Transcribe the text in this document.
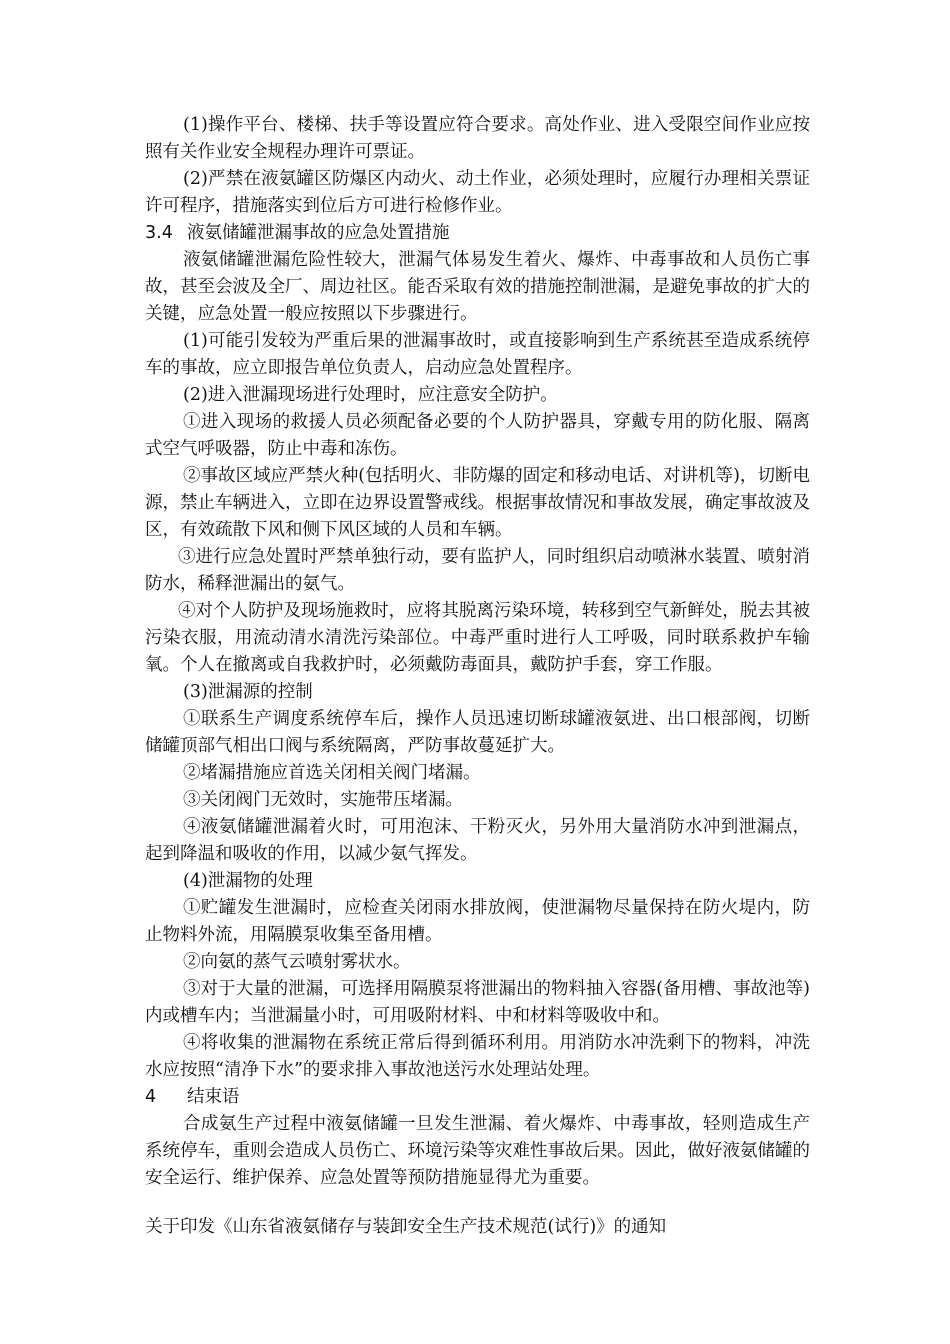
(1)操作平台、楼梯、扶手等设置应符合要求。高处作业、进入受限空间作业应按照有关作业安全规程办理许可票证。

(2)严禁在液氨罐区防爆区内动火、动土作业，必须处理时，应履行办理相关票证许可程序，措施落实到位后方可进行检修作业。

3.4 液氨储罐泄漏事故的应急处置措施

液氨储罐泄漏危险性较大，泄漏气体易发生着火、爆炸、中毒事故和人员伤亡事故，甚至会波及全厂、周边社区。能否采取有效的措施控制泄漏，是避免事故的扩大的关键，应急处置一般应按照以下步骤进行。

(1)可能引发较为严重后果的泄漏事故时，或直接影响到生产系统甚至造成系统停车的事故，应立即报告单位负责人，启动应急处置程序。

(2)进入泄漏现场进行处理时，应注意安全防护。

①进入现场的救援人员必须配备必要的个人防护器具，穿戴专用的防化服、隔离式空气呼吸器，防止中毒和冻伤。

②事故区域应严禁火种(包括明火、非防爆的固定和移动电话、对讲机等)，切断电源，禁止车辆进入，立即在边界设置警戒线。根据事故情况和事故发展，确定事故波及区，有效疏散下风和侧下风区域的人员和车辆。

③进行应急处置时严禁单独行动，要有监护人，同时组织启动喷淋水装置、喷射消防水，稀释泄漏出的氨气。

④对个人防护及现场施救时，应将其脱离污染环境，转移到空气新鲜处，脱去其被污染衣服，用流动清水清洗污染部位。中毒严重时进行人工呼吸，同时联系救护车输氧。个人在撤离或自我救护时，必须戴防毒面具，戴防护手套，穿工作服。

(3)泄漏源的控制

①联系生产调度系统停车后，操作人员迅速切断球罐液氨进、出口根部阀，切断储罐顶部气相出口阀与系统隔离，严防事故蔓延扩大。

②堵漏措施应首选关闭相关阀门堵漏。

③关闭阀门无效时，实施带压堵漏。

④液氨储罐泄漏着火时，可用泡沫、干粉灭火，另外用大量消防水冲到泄漏点，起到降温和吸收的作用，以减少氨气挥发。

(4)泄漏物的处理

①贮罐发生泄漏时，应检查关闭雨水排放阀，使泄漏物尽量保持在防火堤内，防止物料外流，用隔膜泵收集至备用槽。

②向氨的蒸气云喷射雾状水。

③对于大量的泄漏，可选择用隔膜泵将泄漏出的物料抽入容器(备用槽、事故池等)内或槽车内；当泄漏量小时，可用吸附材料、中和材料等吸收中和。

④将收集的泄漏物在系统正常后得到循环利用。用消防水冲洗剩下的物料，冲洗水应按照“清净下水”的要求排入事故池送污水处理站处理。

4 结束语

合成氨生产过程中液氨储罐一旦发生泄漏、着火爆炸、中毒事故，轻则造成生产系统停车，重则会造成人员伤亡、环境污染等灾难性事故后果。因此，做好液氨储罐的安全运行、维护保养、应急处置等预防措施显得尤为重要。

关于印发《山东省液氨储存与装卸安全生产技术规范(试行)》的通知
